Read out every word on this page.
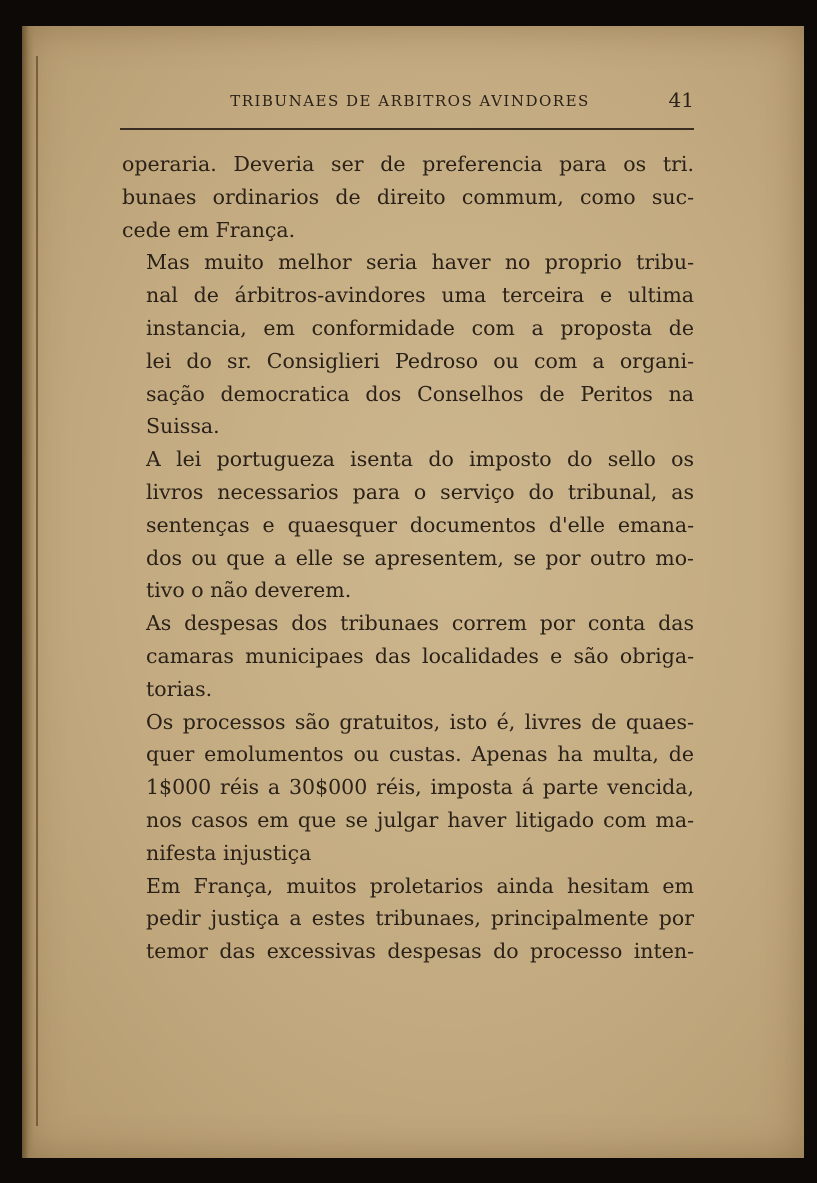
TRIBUNAES DE ARBITROS AVINDORES	41

operaria. Deveria ser de preferencia para os tri.
bunaes ordinarios de direito commum, como suc-
cede em França.

Mas muito melhor seria haver no proprio tribu-
nal de árbitros-avindores uma terceira e ultima
instancia, em conformidade com a proposta de
lei do sr. Consiglieri Pedroso ou com a organi-
sação democratica dos Conselhos de Peritos na
Suissa.

A lei portugueza isenta do imposto do sello os
livros necessarios para o serviço do tribunal, as
sentenças e quaesquer documentos d'elle emana-
dos ou que a elle se apresentem, se por outro mo-
tivo o não deverem.

As despesas dos tribunaes correm por conta das
camaras municipaes das localidades e são obriga-
torias.

Os processos são gratuitos, isto é, livres de quaes-
quer emolumentos ou custas. Apenas ha multa, de
1$000 réis a 30$000 réis, imposta á parte vencida,
nos casos em que se julgar haver litigado com ma-
nifesta injustiça

Em França, muitos proletarios ainda hesitam em
pedir justiça a estes tribunaes, principalmente por
temor das excessivas despesas do processo inten-
